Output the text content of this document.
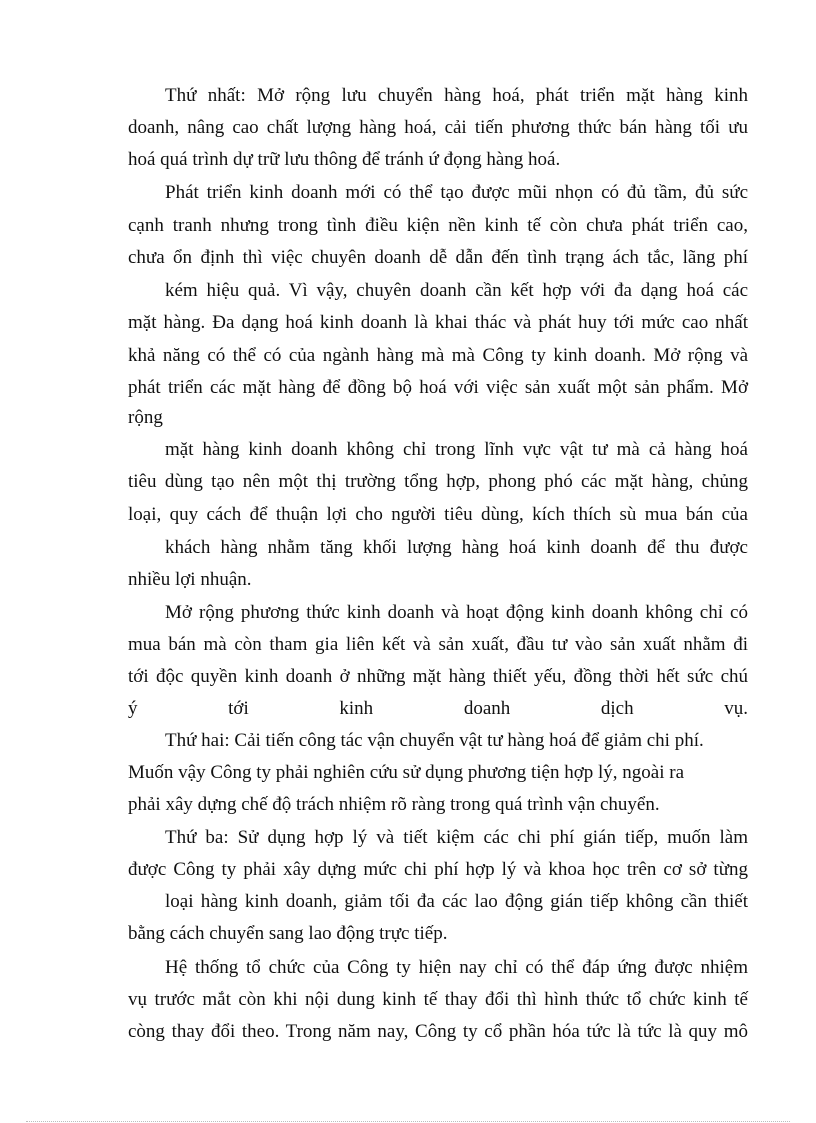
Thứ nhất: Mở rộng lưu chuyển hàng hoá, phát triển mặt hàng kinh
doanh, nâng cao chất lượng hàng hoá, cải tiến phương thức bán hàng tối ưu
hoá quá trình dự trữ lưu thông để tránh ứ đọng hàng hoá.
Phát triển kinh doanh mới có thể tạo được mũi nhọn có đủ tầm, đủ sức
cạnh tranh nhưng trong tình điều kiện nền kinh tế còn chưa phát triển cao,
chưa ổn định thì việc chuyên doanh dễ dẫn đến tình trạng ách tắc, lãng phí
kém hiệu quả. Vì vậy, chuyên doanh cần kết hợp với đa dạng hoá các
mặt hàng. Đa dạng hoá kinh doanh là khai thác và phát huy tới mức cao nhất
khả năng có thể có của ngành hàng mà mà Công ty kinh doanh. Mở rộng và
phát triển các mặt hàng để đồng bộ hoá với việc sản xuất một sản phẩm. Mở
rộng
mặt hàng kinh doanh không chỉ trong lĩnh vực vật tư mà cả hàng hoá
tiêu dùng tạo nên một thị trường tổng hợp, phong phó các mặt hàng, chủng
loại, quy cách để thuận lợi cho người tiêu dùng, kích thích sù mua bán của
khách hàng nhằm tăng khối lượng hàng hoá kinh doanh để thu được
nhiều lợi nhuận.
Mở rộng phương thức kinh doanh và hoạt động kinh doanh không chỉ có
mua bán mà còn tham gia liên kết và sản xuất, đầu tư vào sản xuất nhằm đi
tới độc quyền kinh doanh ở những mặt hàng thiết yếu, đồng thời hết sức chú
ý tới kinh doanh dịch vụ.
Thứ hai: Cải tiến công tác vận chuyển vật tư hàng hoá để giảm chi phí.
Muốn vậy Công ty phải nghiên cứu sử dụng phương tiện hợp lý, ngoài ra
phải xây dựng chế độ trách nhiệm rõ ràng trong quá trình vận chuyển.
Thứ ba: Sử dụng hợp lý và tiết kiệm các chi phí gián tiếp, muốn làm
được Công ty phải xây dựng mức chi phí hợp lý và khoa học trên cơ sở từng
loại hàng kinh doanh, giảm tối đa các lao động gián tiếp không cần thiết
bằng cách chuyển sang lao động trực tiếp.
Hệ thống tổ chức của Công ty hiện nay chỉ có thể đáp ứng được nhiệm
vụ trước mắt còn khi nội dung kinh tế thay đổi thì hình thức tổ chức kinh tế
còng thay đổi theo. Trong năm nay, Công ty cổ phần hóa tức là tức là quy mô
